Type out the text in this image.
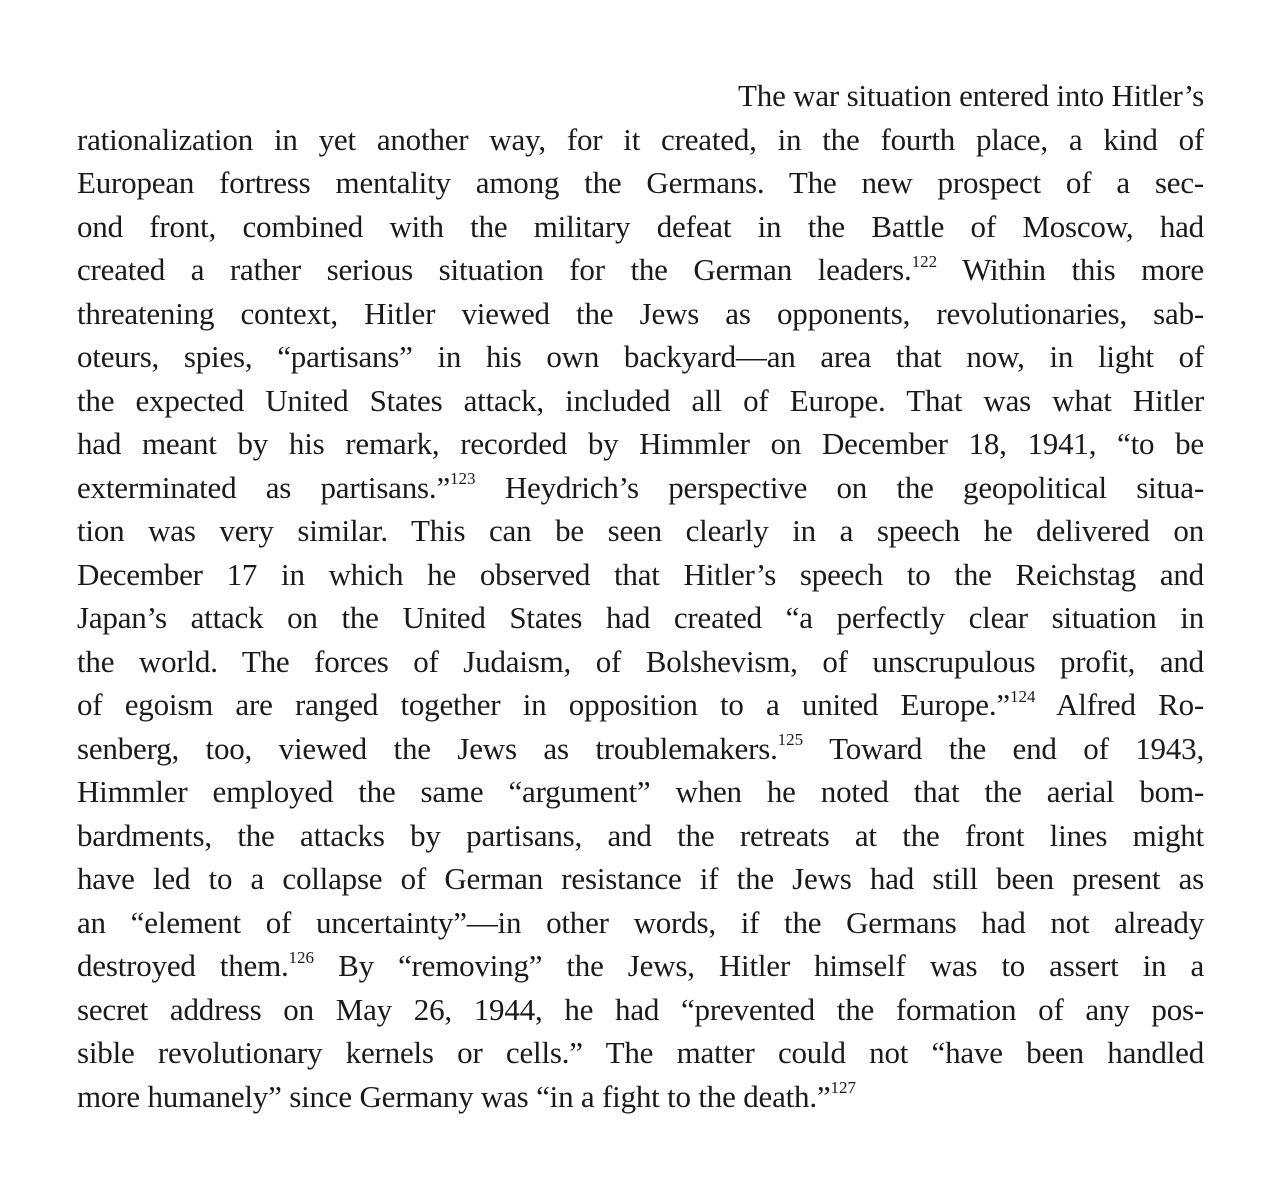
The war situation entered into Hitler’s
rationalization in yet another way, for it created, in the fourth place, a kind of
European fortress mentality among the Germans. The new prospect of a sec-
ond front, combined with the military defeat in the Battle of Moscow, had
created a rather serious situation for the German leaders.$^{122}$ Within this more
threatening context, Hitler viewed the Jews as opponents, revolutionaries, sab-
oteurs, spies, “partisans” in his own backyard—an area that now, in light of
the expected United States attack, included all of Europe. That was what Hitler
had meant by his remark, recorded by Himmler on December 18, 1941, “to be
exterminated as partisans.”$^{123}$ Heydrich’s perspective on the geopolitical situa-
tion was very similar. This can be seen clearly in a speech he delivered on
December 17 in which he observed that Hitler’s speech to the Reichstag and
Japan’s attack on the United States had created “a perfectly clear situation in
the world. The forces of Judaism, of Bolshevism, of unscrupulous profit, and
of egoism are ranged together in opposition to a united Europe.”$^{124}$ Alfred Ro-
senberg, too, viewed the Jews as troublemakers.$^{125}$ Toward the end of 1943,
Himmler employed the same “argument” when he noted that the aerial bom-
bardments, the attacks by partisans, and the retreats at the front lines might
have led to a collapse of German resistance if the Jews had still been present as
an “element of uncertainty”—in other words, if the Germans had not already
destroyed them.$^{126}$ By “removing” the Jews, Hitler himself was to assert in a
secret address on May 26, 1944, he had “prevented the formation of any pos-
sible revolutionary kernels or cells.” The matter could not “have been handled
more humanely” since Germany was “in a fight to the death.”$^{127}$
